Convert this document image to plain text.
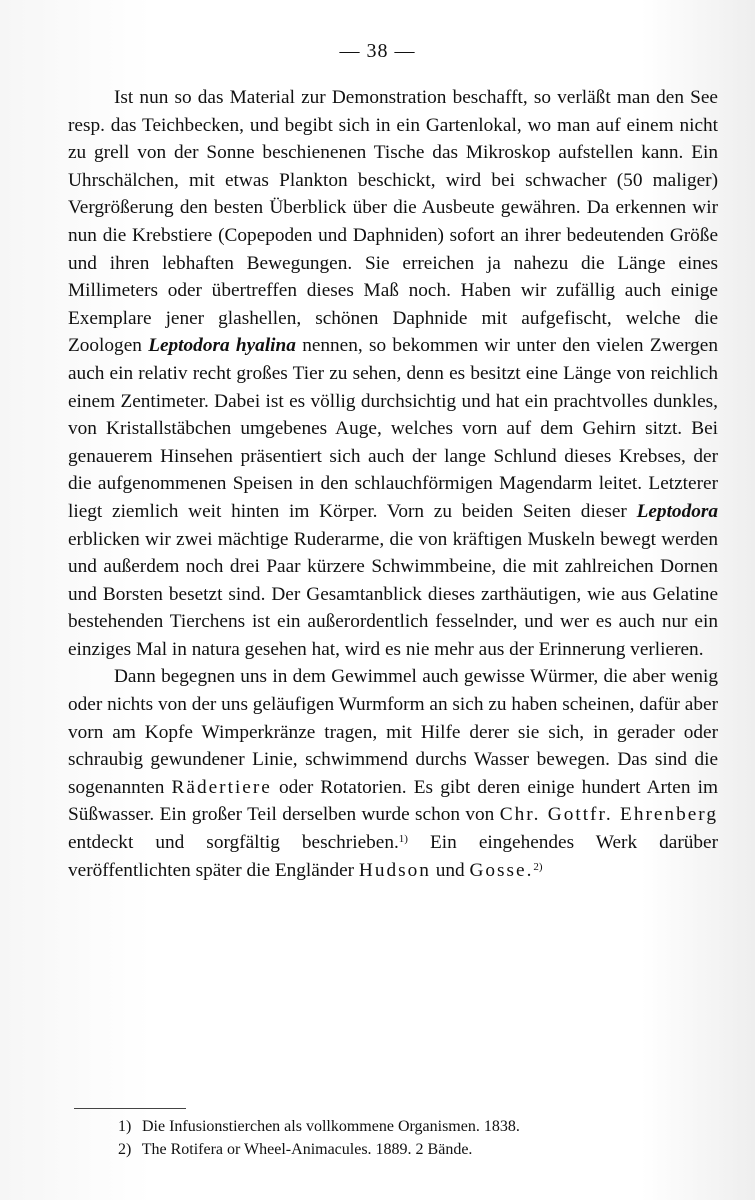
— 38 —

Ist nun so das Material zur Demonstration beschafft, so verläßt man den See resp. das Teichbecken, und begibt sich in ein Gartenlokal, wo man auf einem nicht zu grell von der Sonne beschienenen Tische das Mikroskop aufstellen kann. Ein Uhrschälchen, mit etwas Plankton beschickt, wird bei schwacher (50 maliger) Vergrößerung den besten Überblick über die Ausbeute gewähren. Da erkennen wir nun die Krebstiere (Copepoden und Daphniden) sofort an ihrer bedeutenden Größe und ihren lebhaften Bewegungen. Sie erreichen ja nahezu die Länge eines Millimeters oder übertreffen dieses Maß noch. Haben wir zufällig auch einige Exemplare jener glashellen, schönen Daphnide mit aufgefischt, welche die Zoologen Leptodora hyalina nennen, so bekommen wir unter den vielen Zwergen auch ein relativ recht großes Tier zu sehen, denn es besitzt eine Länge von reichlich einem Zentimeter. Dabei ist es völlig durchsichtig und hat ein prachtvolles dunkles, von Kristallstäbchen umgebenes Auge, welches vorn auf dem Gehirn sitzt. Bei genauerem Hinsehen präsentiert sich auch der lange Schlund dieses Krebses, der die aufgenommenen Speisen in den schlauchförmigen Magendarm leitet. Letzterer liegt ziemlich weit hinten im Körper. Vorn zu beiden Seiten dieser Leptodora erblicken wir zwei mächtige Ruderarme, die von kräftigen Muskeln bewegt werden und außerdem noch drei Paar kürzere Schwimmbeine, die mit zahlreichen Dornen und Borsten besetzt sind. Der Gesamtanblick dieses zarthäutigen, wie aus Gelatine bestehenden Tierchens ist ein außerordentlich fesselnder, und wer es auch nur ein einziges Mal in natura gesehen hat, wird es nie mehr aus der Erinnerung verlieren.

Dann begegnen uns in dem Gewimmel auch gewisse Würmer, die aber wenig oder nichts von der uns geläufigen Wurmform an sich zu haben scheinen, dafür aber vorn am Kopfe Wimperkränze tragen, mit Hilfe derer sie sich, in gerader oder schraubig gewundener Linie, schwimmend durchs Wasser bewegen. Das sind die sogenannten Rädertiere oder Rotatorien. Es gibt deren einige hundert Arten im Süßwasser. Ein großer Teil derselben wurde schon von Chr. Gottfr. Ehrenberg entdeckt und sorgfältig beschrieben.$^{1)}$ Ein eingehendes Werk darüber veröffentlichten später die Engländer Hudson und Gosse.$^{2)}$

1) Die Infusionstierchen als vollkommene Organismen. 1838.

2) The Rotifera or Wheel-Animacules. 1889. 2 Bände.
